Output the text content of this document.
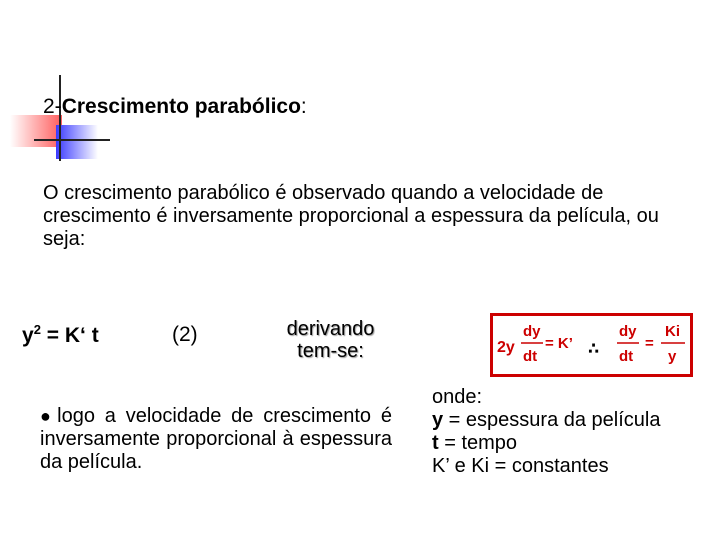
2-Crescimento parabólico:
O crescimento parabólico é observado quando a velocidade de crescimento é inversamente proporcional a espessura da película, ou seja:
$y^2$ = K‘ t	(2)	derivando
tem-se:	2y
dy
dt
= K’ ∴
dy
dt
=
Ki
y
● logo a velocidade de crescimento é inversamente proporcional à espessura da película.
onde:
y = espessura da película
t = tempo
K’ e Ki = constantes
